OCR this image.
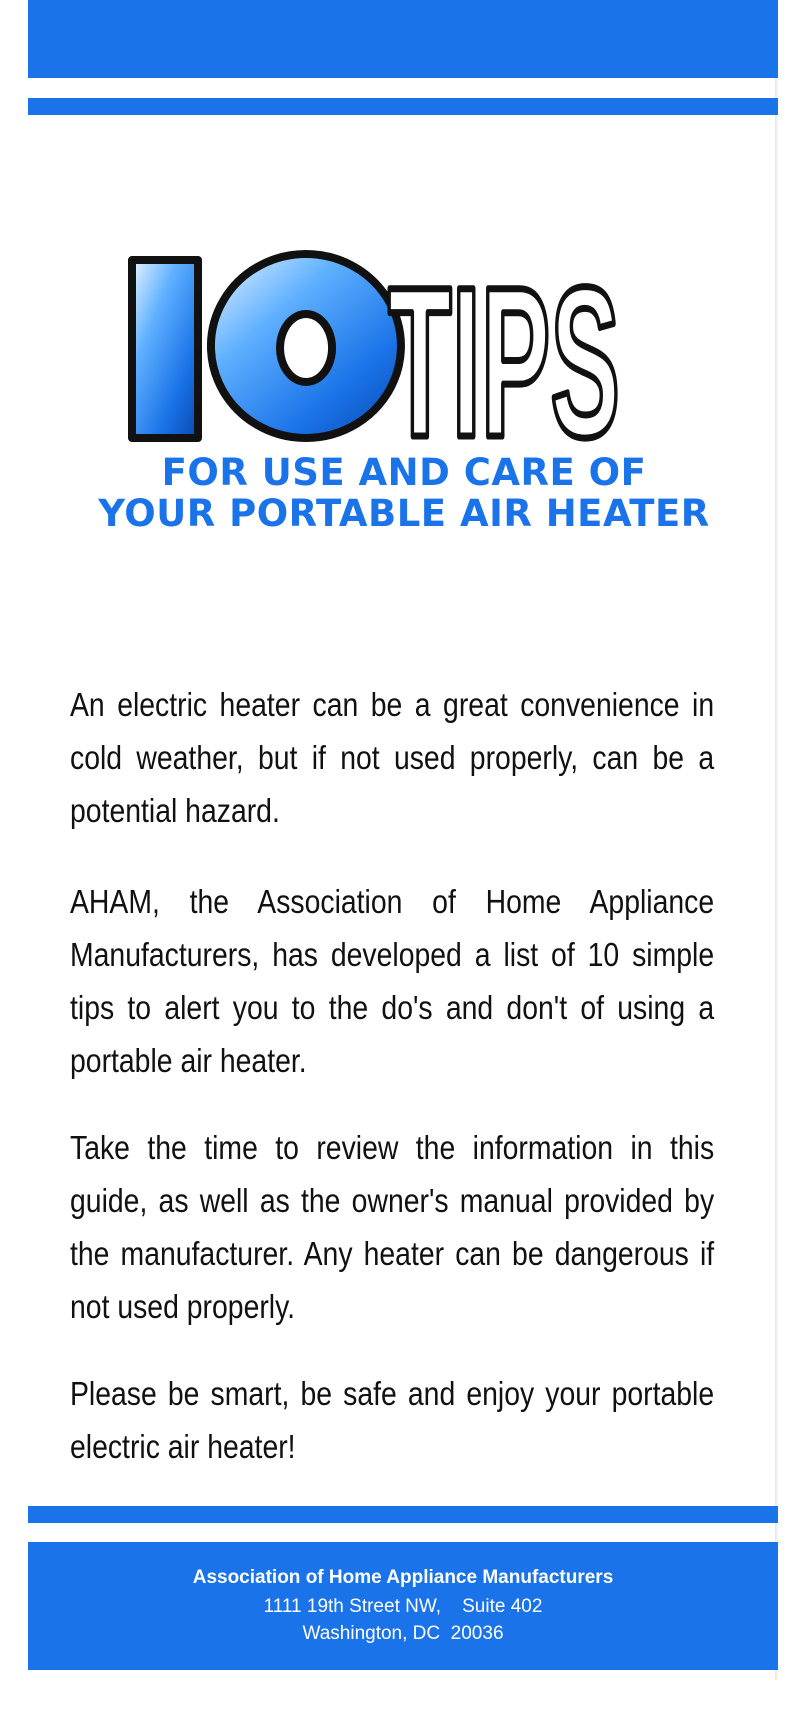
TIPS
FOR USE AND CARE OF
YOUR PORTABLE AIR HEATER

An electric heater can be a great convenience in cold weather, but if not used properly, can be a potential hazard.

AHAM, the Association of Home Appliance Manufacturers, has developed a list of 10 simple tips to alert you to the do's and don't of using a portable air heater.

Take the time to review the information in this guide, as well as the owner's manual provided by the manufacturer. Any heater can be dangerous if not used properly.

Please be smart, be safe and enjoy your portable electric air heater!

Association of Home Appliance Manufacturers
1111 19th Street NW,    Suite 402
Washington, DC  20036
